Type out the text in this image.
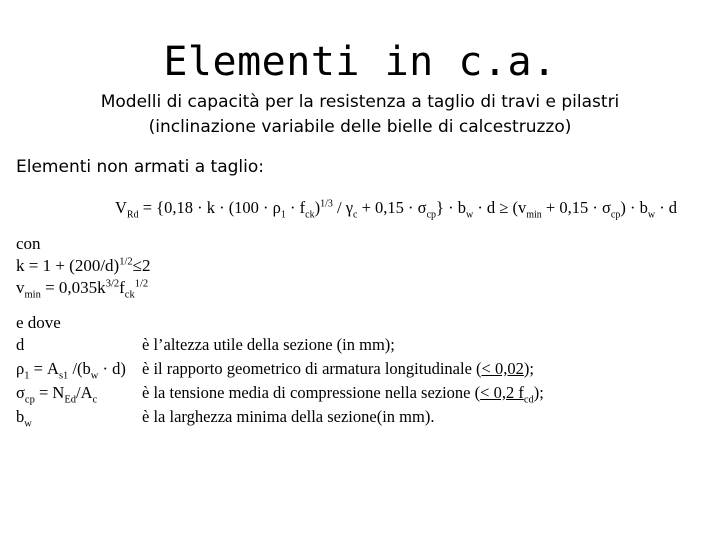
Elementi in c.a.
Modelli di capacità per la resistenza a taglio di travi e pilastri
(inclinazione variabile delle bielle di calcestruzzo)
Elementi non armati a taglio:
$V_{Rd} = \{0,18 \cdot k \cdot (100 \cdot \rho_1 \cdot f_{ck})^{1/3} / \gamma_c + 0,15 \cdot \sigma_{cp}\} \cdot b_w \cdot d \ge (v_{min} + 0,15 \cdot \sigma_{cp}) \cdot b_w \cdot d$
con
$k = 1 + (200/d)^{1/2}\le 2$
$v_{min} = 0,035k^{3/2}f_{ck}^{1/2}$
e dove
d	è l’altezza utile della sezione (in mm);
$\rho_1 = A_{s1}$ $/(b_w \cdot d)$ è il rapporto geometrico di armatura longitudinale (< 0,02);
$\sigma_{cp} = N_{Ed}/A_c$	è la tensione media di compressione nella sezione (< 0,2 $f_{cd}$);
$b_w$	è la larghezza minima della sezione(in mm).
